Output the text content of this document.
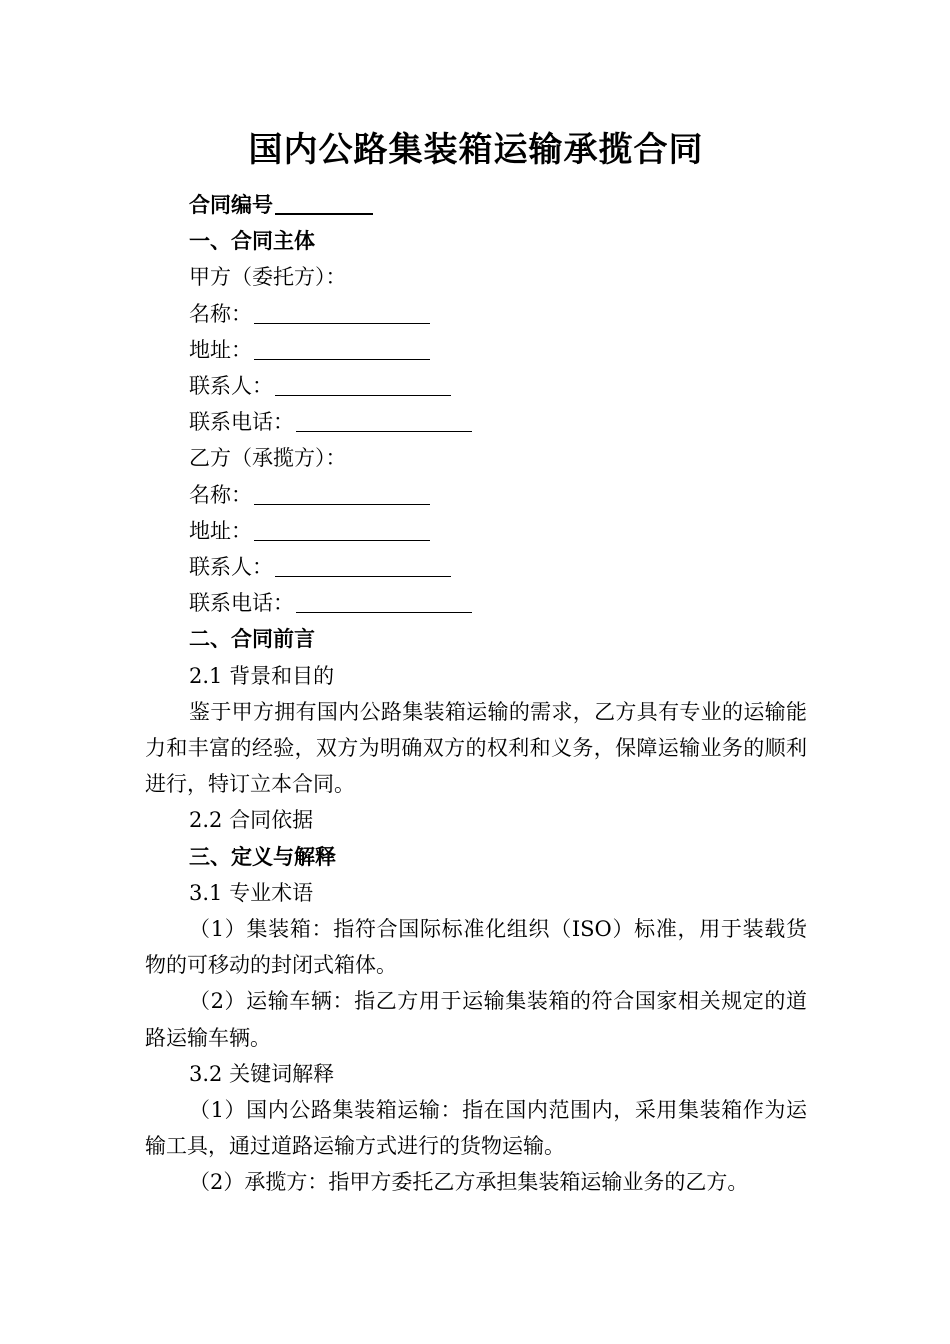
国内公路集装箱运输承揽合同

合同编号

一、合同主体

甲方（委托方）：

名称：

地址：

联系人：

联系电话：

乙方（承揽方）：

名称：

地址：

联系人：

联系电话：

二、合同前言

2.1 背景和目的

鉴于甲方拥有国内公路集装箱运输的需求，乙方具有专业的运输能力和丰富的经验，双方为明确双方的权利和义务，保障运输业务的顺利进行，特订立本合同。

2.2 合同依据

三、定义与解释

3.1 专业术语

（1）集装箱：指符合国际标准化组织（ISO）标准，用于装载货物的可移动的封闭式箱体。

（2）运输车辆：指乙方用于运输集装箱的符合国家相关规定的道路运输车辆。

3.2 关键词解释

（1）国内公路集装箱运输：指在国内范围内，采用集装箱作为运输工具，通过道路运输方式进行的货物运输。

（2）承揽方：指甲方委托乙方承担集装箱运输业务的乙方。
